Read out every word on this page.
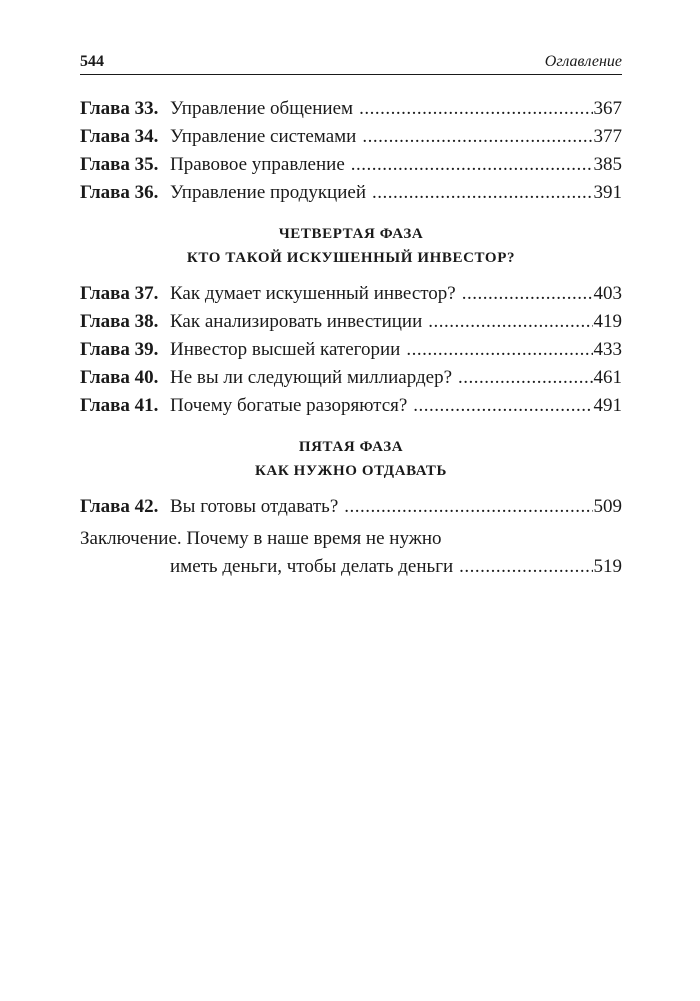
544	Оглавление
Глава 33. Управление общением .....	367
Глава 34. Управление системами .....	377
Глава 35. Правовое управление .....	385
Глава 36. Управление продукцией .....	391
ЧЕТВЕРТАЯ ФАЗА
КТО ТАКОЙ ИСКУШЕННЫЙ ИНВЕСТОР?
Глава 37. Как думает искушенный инвестор? .....	403
Глава 38. Как анализировать инвестиции .....	419
Глава 39. Инвестор высшей категории .....	433
Глава 40. Не вы ли следующий миллиардер? .....	461
Глава 41. Почему богатые разоряются? .....	491
ПЯТАЯ ФАЗА
КАК НУЖНО ОТДАВАТЬ
Глава 42. Вы готовы отдавать? .....	509
Заключение. Почему в наше время не нужно
иметь деньги, чтобы делать деньги .....	519
